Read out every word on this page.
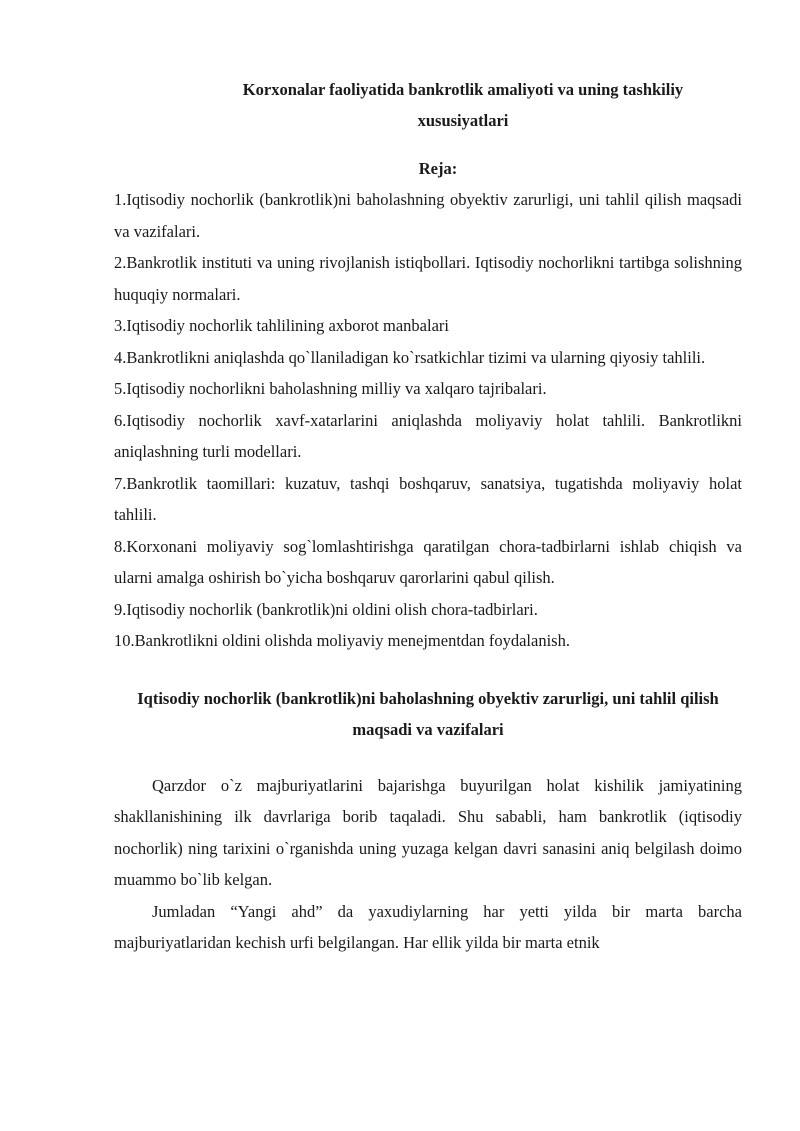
Korxonalar faoliyatida bankrotlik amaliyoti va uning tashkiliy
xususiyatlari
Reja:
1.Iqtisodiy nochorlik (bankrotlik)ni baholashning obyektiv zarurligi, uni tahlil qilish maqsadi va vazifalari.
2.Bankrotlik instituti va uning rivojlanish istiqbollari. Iqtisodiy nochorlikni tartibga solishning huquqiy normalari.
3.Iqtisodiy nochorlik tahlilining axborot manbalari
4.Bankrotlikni aniqlashda qo`llaniladigan ko`rsatkichlar tizimi va ularning qiyosiy tahlili.
5.Iqtisodiy nochorlikni baholashning milliy va xalqaro tajribalari.
6.Iqtisodiy nochorlik xavf-xatarlarini aniqlashda moliyaviy holat tahlili. Bankrotlikni aniqlashning turli modellari.
7.Bankrotlik taomillari: kuzatuv, tashqi boshqaruv, sanatsiya, tugatishda moliyaviy holat tahlili.
8.Korxonani moliyaviy sog`lomlashtirishga qaratilgan chora-tadbirlarni ishlab chiqish va ularni amalga oshirish bo`yicha boshqaruv qarorlarini qabul qilish.
9.Iqtisodiy nochorlik (bankrotlik)ni oldini olish chora-tadbirlari.
10.Bankrotlikni oldini olishda moliyaviy menejmentdan foydalanish.
Iqtisodiy nochorlik (bankrotlik)ni baholashning obyektiv zarurligi, uni tahlil qilish maqsadi va vazifalari

Qarzdor o`z majburiyatlarini bajarishga buyurilgan holat kishilik jamiyatining shakllanishining ilk davrlariga borib taqaladi. Shu sababli, ham bankrotlik (iqtisodiy nochorlik) ning tarixini o`rganishda uning yuzaga kelgan davri sanasini aniq belgilash doimo muammo bo`lib kelgan.

Jumladan “Yangi ahd” da yaxudiylarning har yetti yilda bir marta barcha majburiyatlaridan kechish urfi belgilangan. Har ellik yilda bir marta etnik
